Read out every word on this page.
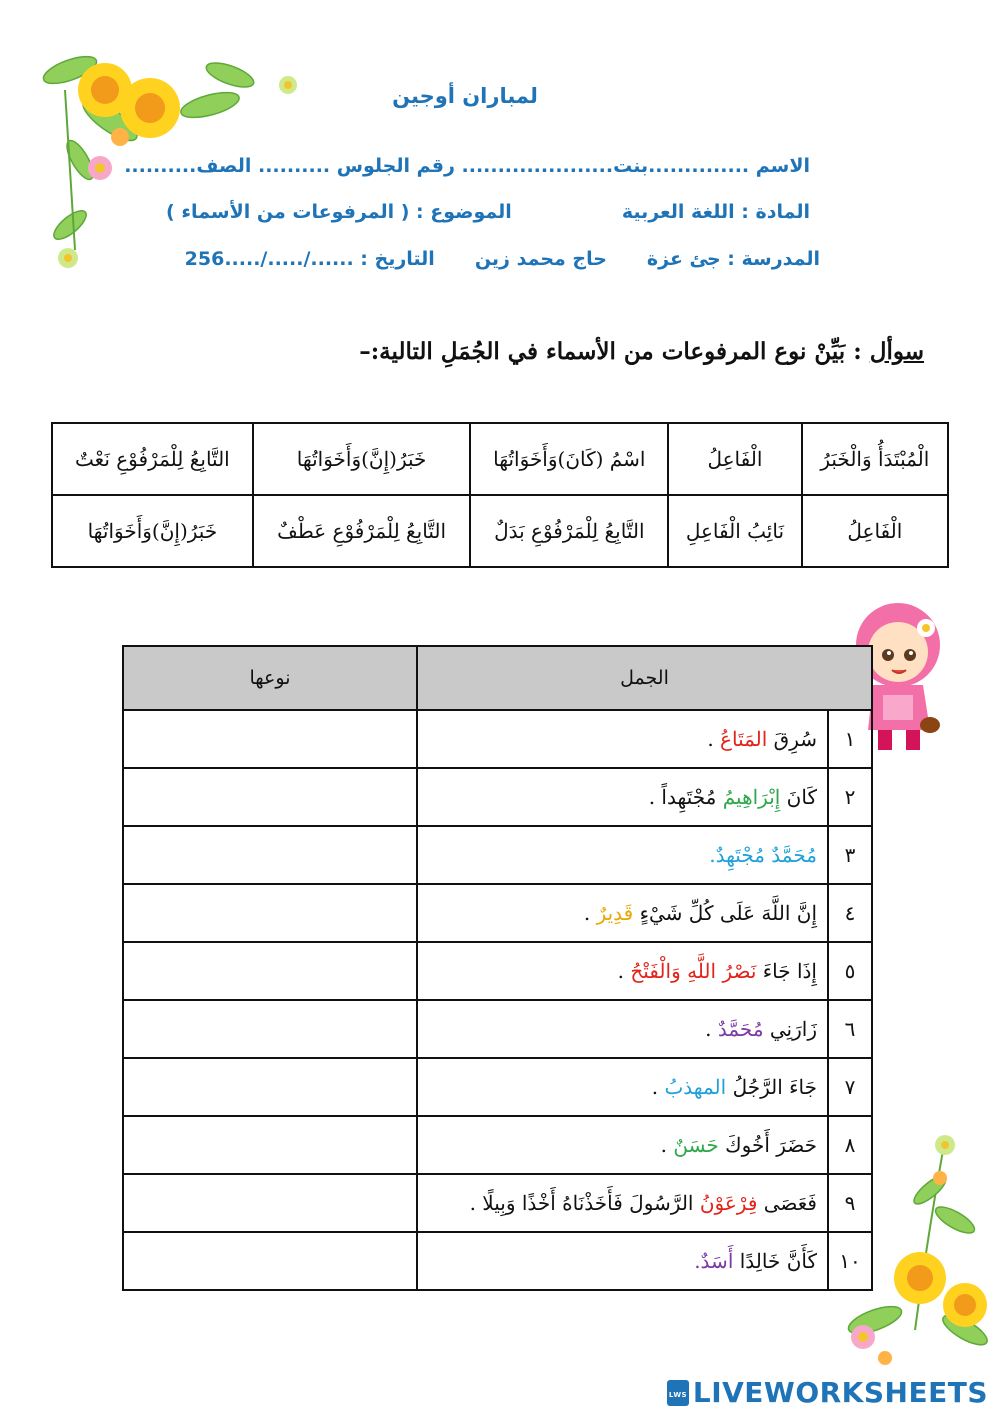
لمباران أوجين
الاسم ..............بنت..................... رقم الجلوس .......... الصف..........
المادة : اللغة العربيةالموضوع : ( المرفوعات من الأسماء )
المدرسة : جئ عزةحاج محمد زينالتاريخ : ....../...../.....256
سوأل : بَيِّنْ نوع المرفوعات من الأسماء في الجُمَلِ التالية:–
الْمُبْتَدَأُ وَالْخَبَرُ	الْفَاعِلُ	اسْمُ (كَانَ)وَأَخَوَاتُهَا	خَبَرُ(إِنَّ)وَأَخَوَاتُهَا	التَّابِعُ لِلْمَرْفُوْعِ نَعْتٌ
الْفَاعِلُ	نَائِبُ الْفَاعِلِ	التَّابِعُ لِلْمَرْفُوْعِ بَدَلٌ	التَّابِعُ لِلْمَرْفُوْعِ عَطْفٌ	خَبَرُ(إِنَّ)وَأَخَوَاتُهَا
الجمل		نوعها
١	سُرِقَ المَتَاعُ .	
٢	كَانَ إِبْرَاهِيمُ مُجْتَهِداً .	
٣	مُحَمَّدٌ مُجْتَهِدٌ.	
٤	إِنَّ اللَّهَ عَلَى كُلِّ شَيْءٍ قَدِيرٌ .	
٥	إِذَا جَاءَ نَصْرُ اللَّهِ وَالْفَتْحُ .	
٦	زَارَنِي مُحَمَّدٌ .	
٧	جَاءَ الرَّجُلُ المهذبُ .	
٨	حَضَرَ أَخُوكَ حَسَنٌ .	
٩	فَعَصَى فِرْعَوْنُ الرَّسُولَ فَأَخَذْنَاهُ أَخْذًا وَبِيلًا .	
١٠	كَأَنَّ خَالِدًا أَسَدٌ.	
LWS LIVEWORKSHEETS
